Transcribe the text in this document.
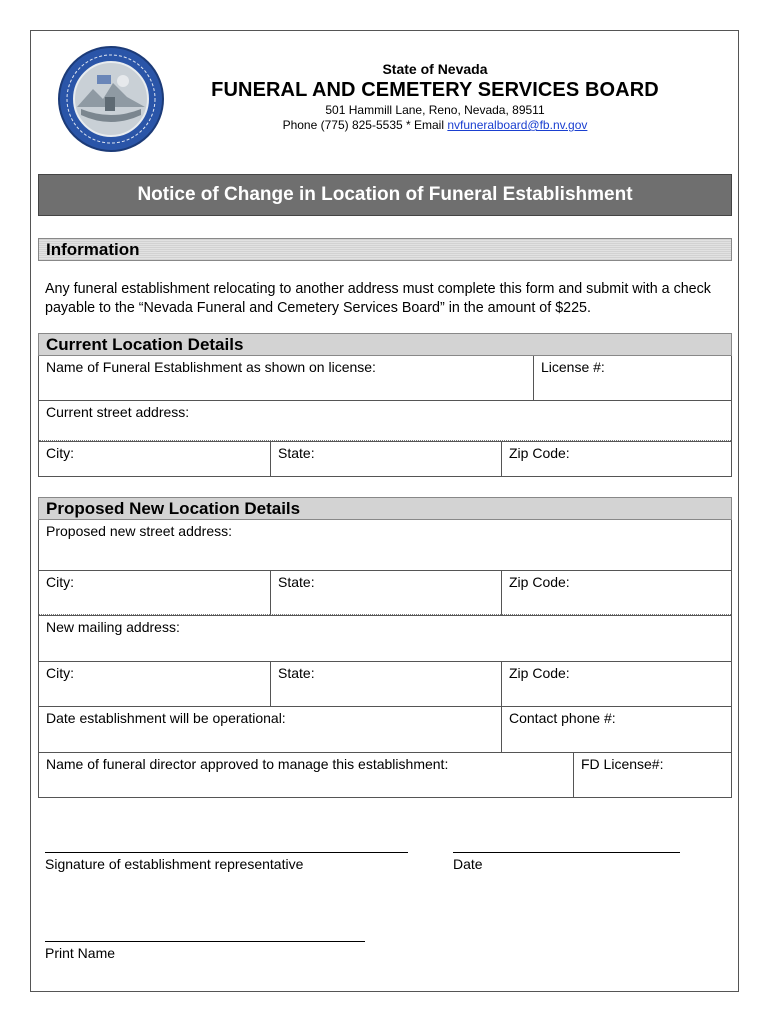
State of Nevada
FUNERAL AND CEMETERY SERVICES BOARD
501 Hammill Lane, Reno, Nevada, 89511
Phone (775) 825-5535 * Email nvfuneralboard@fb.nv.gov
Notice of Change in Location of Funeral Establishment
Information
Any funeral establishment relocating to another address must complete this form and submit with a check payable to the “Nevada Funeral and Cemetery Services Board” in the amount of $225.
Current Location Details
Name of Funeral Establishment as shown on license:	License #:
Current street address:
City:	State:	Zip Code:
Proposed New Location Details
Proposed new street address:
City:	State:	Zip Code:
New mailing address:
City:	State:	Zip Code:
Date establishment will be operational:	Contact phone #:
Name of funeral director approved to manage this establishment:	FD License#:
Signature of establishment representative	Date
Print Name
